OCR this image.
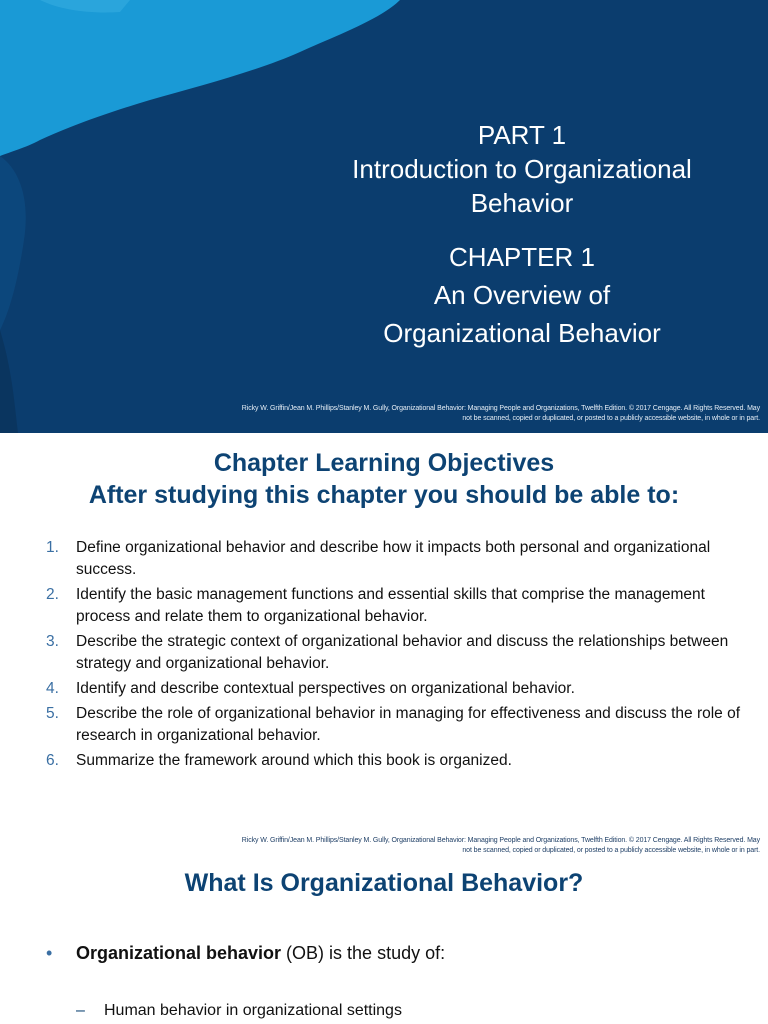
PART 1
Introduction to Organizational
Behavior
CHAPTER 1
An Overview of
Organizational Behavior
Ricky W. Griffin/Jean M. Phillips/Stanley M. Gully, Organizational Behavior: Managing People and Organizations, Twelfth Edition. © 2017 Cengage. All Rights Reserved. May
not be scanned, copied or duplicated, or posted to a publicly accessible website, in whole or in part.
Chapter Learning Objectives
After studying this chapter you should be able to:
1.	Define organizational behavior and describe how it impacts both personal and organizational success.
2.	Identify the basic management functions and essential skills that comprise the management process and relate them to organizational behavior.
3.	Describe the strategic context of organizational behavior and discuss the relationships between strategy and organizational behavior.
4.	Identify and describe contextual perspectives on organizational behavior.
5.	Describe the role of organizational behavior in managing for effectiveness and discuss the role of research in organizational behavior.
6.	Summarize the framework around which this book is organized.
Ricky W. Griffin/Jean M. Phillips/Stanley M. Gully, Organizational Behavior: Managing People and Organizations, Twelfth Edition. © 2017 Cengage. All Rights Reserved. May
not be scanned, copied or duplicated, or posted to a publicly accessible website, in whole or in part.
What Is Organizational Behavior?
•	Organizational behavior (OB) is the study of:
–	Human behavior in organizational settings
